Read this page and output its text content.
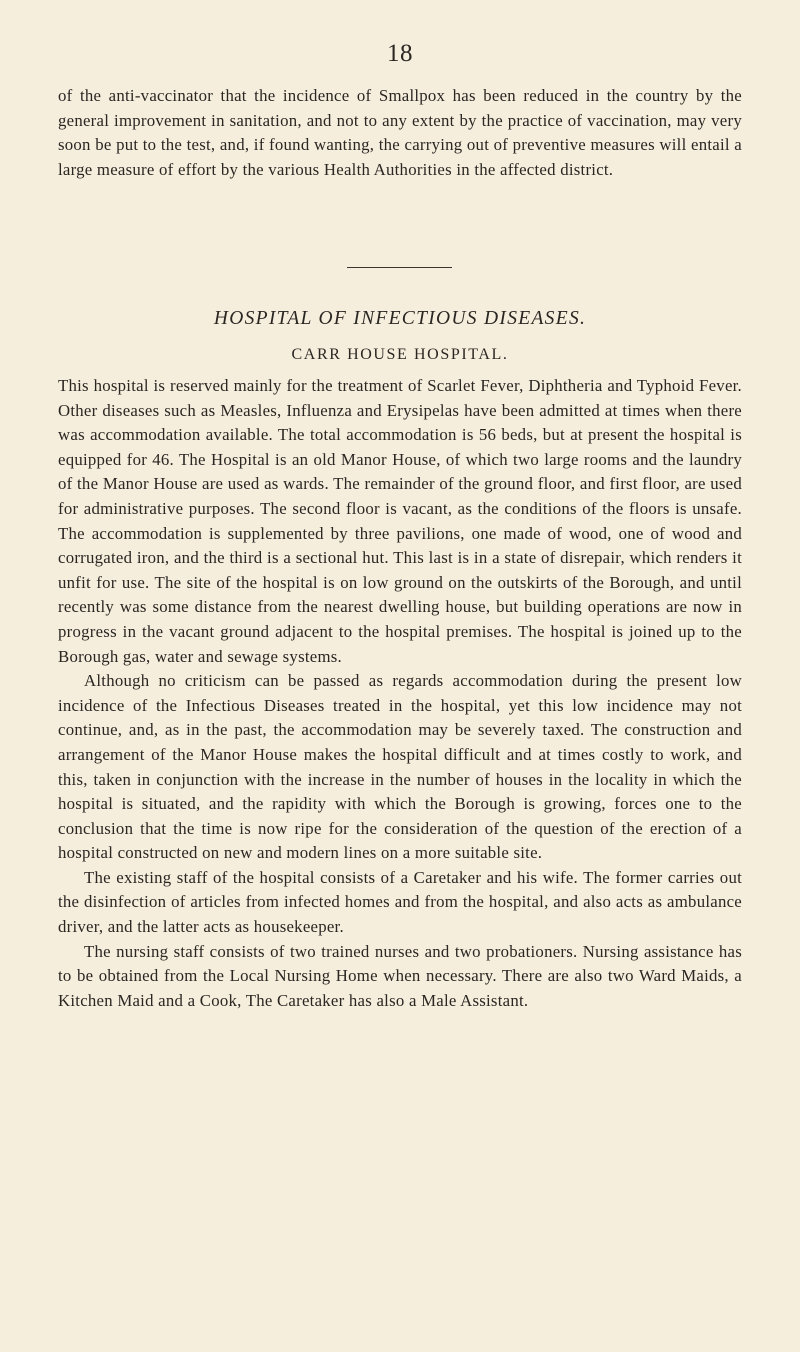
18

of the anti-vaccinator that the incidence of Smallpox has been reduced in the country by the general improvement in sanitation, and not to any extent by the practice of vaccination, may very soon be put to the test, and, if found wanting, the carrying out of preventive measures will entail a large measure of effort by the various Health Authorities in the affected district.

HOSPITAL OF INFECTIOUS DISEASES.
CARR HOUSE HOSPITAL.

This hospital is reserved mainly for the treatment of Scarlet Fever, Diphtheria and Typhoid Fever. Other diseases such as Measles, Influenza and Erysipelas have been admitted at times when there was accommodation available. The total accommodation is 56 beds, but at present the hospital is equipped for 46. The Hospital is an old Manor House, of which two large rooms and the laundry of the Manor House are used as wards. The remainder of the ground floor, and first floor, are used for administrative purposes. The second floor is vacant, as the conditions of the floors is unsafe. The accommodation is supplemented by three pavilions, one made of wood, one of wood and corrugated iron, and the third is a sectional hut. This last is in a state of disrepair, which renders it unfit for use. The site of the hospital is on low ground on the outskirts of the Borough, and until recently was some distance from the nearest dwelling house, but building operations are now in progress in the vacant ground adjacent to the hospital premises. The hospital is joined up to the Borough gas, water and sewage systems.

Although no criticism can be passed as regards accommodation during the present low incidence of the Infectious Diseases treated in the hospital, yet this low incidence may not continue, and, as in the past, the accommodation may be severely taxed. The construction and arrangement of the Manor House makes the hospital difficult and at times costly to work, and this, taken in conjunction with the increase in the number of houses in the locality in which the hospital is situated, and the rapidity with which the Borough is growing, forces one to the conclusion that the time is now ripe for the consideration of the question of the erection of a hospital constructed on new and modern lines on a more suitable site.

The existing staff of the hospital consists of a Caretaker and his wife. The former carries out the disinfection of articles from infected homes and from the hospital, and also acts as ambulance driver, and the latter acts as housekeeper.

The nursing staff consists of two trained nurses and two probationers. Nursing assistance has to be obtained from the Local Nursing Home when necessary. There are also two Ward Maids, a Kitchen Maid and a Cook, The Caretaker has also a Male Assistant.
